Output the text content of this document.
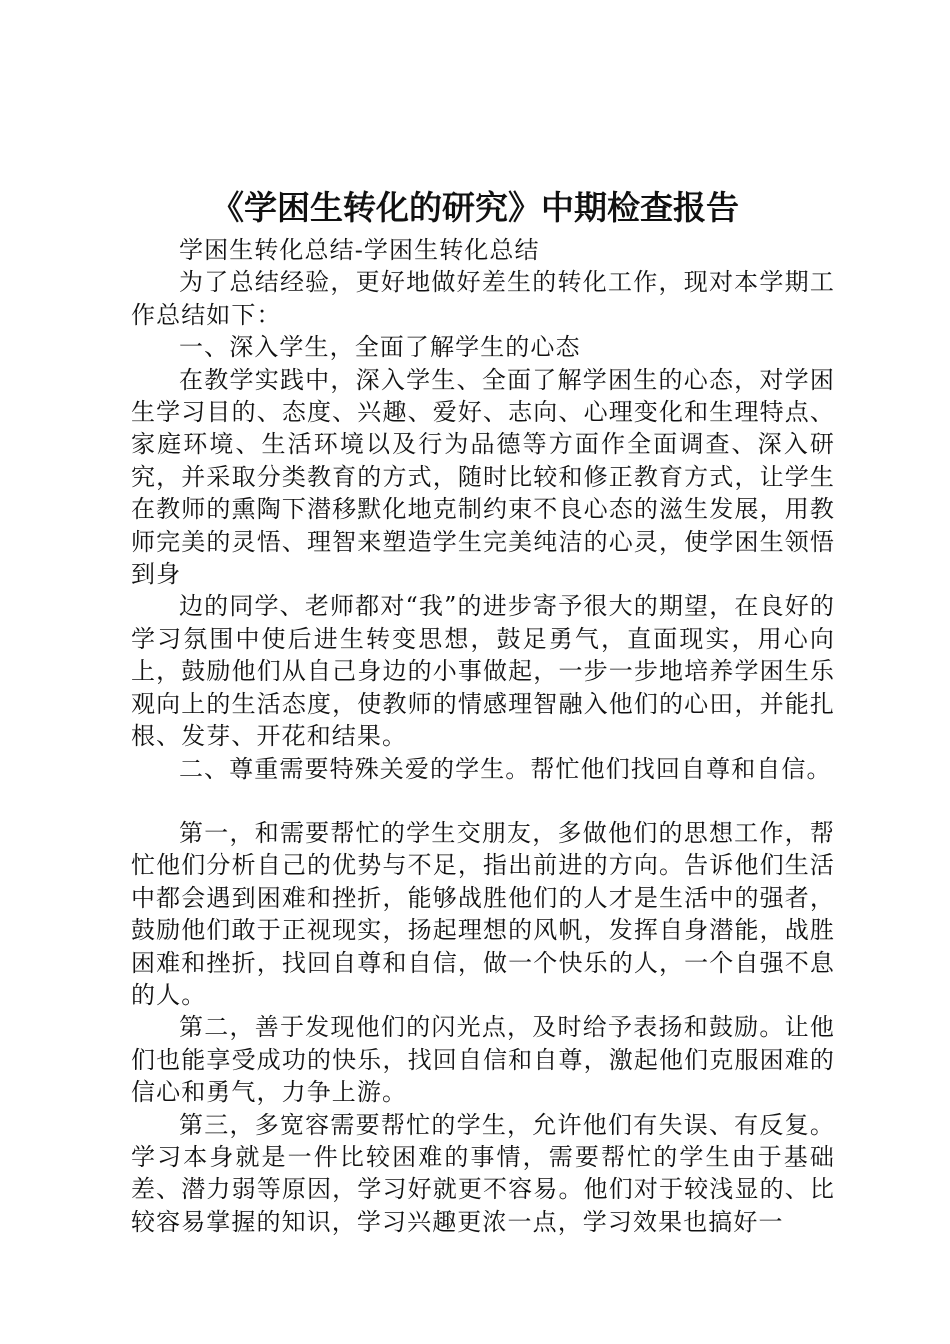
《学困生转化的研究》中期检查报告

学困生转化总结-学困生转化总结

为了总结经验，更好地做好差生的转化工作，现对本学期工作总结如下：

一、深入学生，全面了解学生的心态

在教学实践中，深入学生、全面了解学困生的心态，对学困生学习目的、态度、兴趣、爱好、志向、心理变化和生理特点、家庭环境、生活环境以及行为品德等方面作全面调查、深入研究，并采取分类教育的方式，随时比较和修正教育方式，让学生在教师的熏陶下潜移默化地克制约束不良心态的滋生发展，用教师完美的灵悟、理智来塑造学生完美纯洁的心灵，使学困生领悟到身

边的同学、老师都对“我”的进步寄予很大的期望，在良好的学习氛围中使后进生转变思想，鼓足勇气，直面现实，用心向上，鼓励他们从自己身边的小事做起，一步一步地培养学困生乐观向上的生活态度，使教师的情感理智融入他们的心田，并能扎根、发芽、开花和结果。

二、尊重需要特殊关爱的学生。帮忙他们找回自尊和自信。

第一，和需要帮忙的学生交朋友，多做他们的思想工作，帮忙他们分析自己的优势与不足，指出前进的方向。告诉他们生活中都会遇到困难和挫折，能够战胜他们的人才是生活中的强者，鼓励他们敢于正视现实，扬起理想的风帆，发挥自身潜能，战胜困难和挫折，找回自尊和自信，做一个快乐的人，一个自强不息的人。

第二，善于发现他们的闪光点，及时给予表扬和鼓励。让他们也能享受成功的快乐，找回自信和自尊，激起他们克服困难的信心和勇气，力争上游。

第三，多宽容需要帮忙的学生，允许他们有失误、有反复。学习本身就是一件比较困难的事情，需要帮忙的学生由于基础差、潜力弱等原因，学习好就更不容易。他们对于较浅显的、比较容易掌握的知识，学习兴趣更浓一点，学习效果也搞好一
